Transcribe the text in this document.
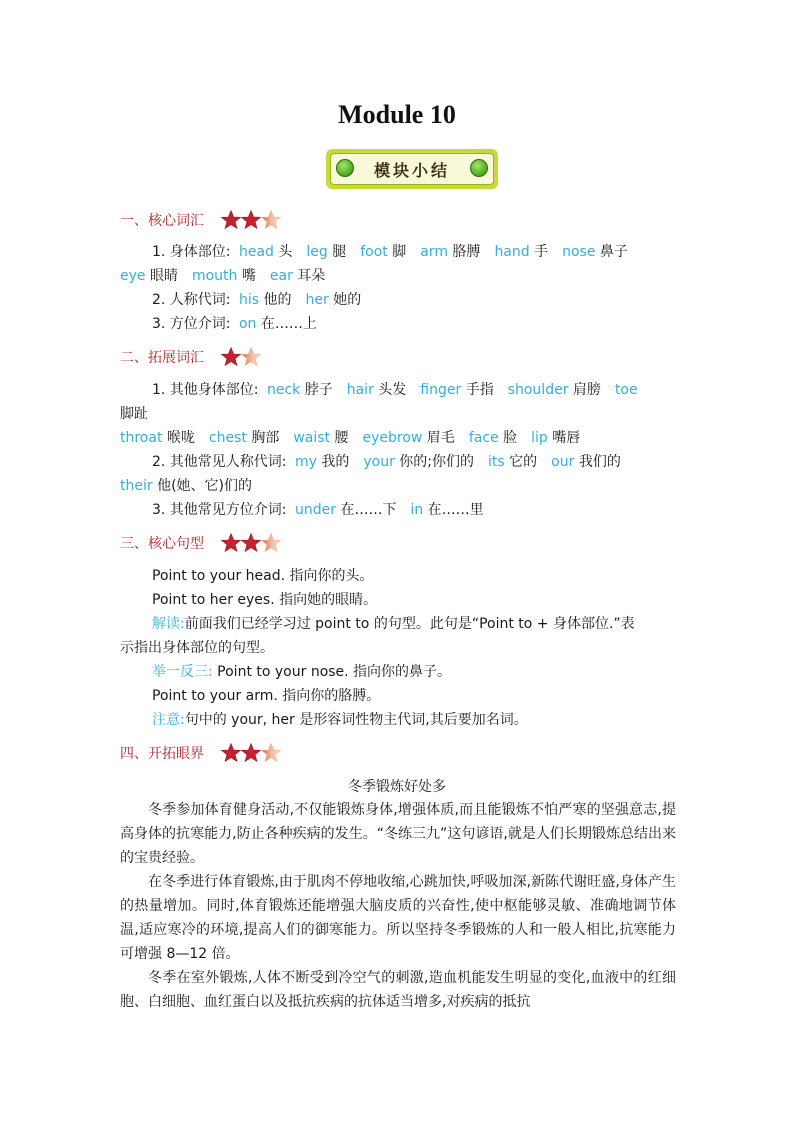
Module 10
模块小结
一、核心词汇
1. 身体部位: head 头 leg 腿 foot 脚 arm 胳膊 hand 手 nose 鼻子
eye 眼睛 mouth 嘴 ear 耳朵
2. 人称代词: his 他的 her 她的
3. 方位介词: on 在……上
二、拓展词汇
1. 其他身体部位: neck 脖子 hair 头发 finger 手指 shoulder 肩膀 toe
脚趾
throat 喉咙 chest 胸部 waist 腰 eyebrow 眉毛 face 脸 lip 嘴唇
2. 其他常见人称代词: my 我的 your 你的;你们的 its 它的 our 我们的
their 他(她、它)们的
3. 其他常见方位介词: under 在……下 in 在……里
三、核心句型
Point to your head. 指向你的头。
Point to her eyes. 指向她的眼睛。
解读:前面我们已经学习过 point to 的句型。此句是“Point to + 身体部位.”表
示指出身体部位的句型。
举一反三: Point to your nose. 指向你的鼻子。
Point to your arm. 指向你的胳膊。
注意:句中的 your, her 是形容词性物主代词,其后要加名词。
四、开拓眼界
冬季锻炼好处多
冬季参加体育健身活动,不仅能锻炼身体,增强体质,而且能锻炼不怕严寒的坚强意志,提高身体的抗寒能力,防止各种疾病的发生。“冬练三九”这句谚语,就是人们长期锻炼总结出来的宝贵经验。
在冬季进行体育锻炼,由于肌肉不停地收缩,心跳加快,呼吸加深,新陈代谢旺盛,身体产生的热量增加。同时,体育锻炼还能增强大脑皮质的兴奋性,使中枢能够灵敏、准确地调节体温,适应寒冷的环境,提高人们的御寒能力。所以坚持冬季锻炼的人和一般人相比,抗寒能力可增强 8—12 倍。
冬季在室外锻炼,人体不断受到冷空气的刺激,造血机能发生明显的变化,血液中的红细胞、白细胞、血红蛋白以及抵抗疾病的抗体适当增多,对疾病的抵抗
